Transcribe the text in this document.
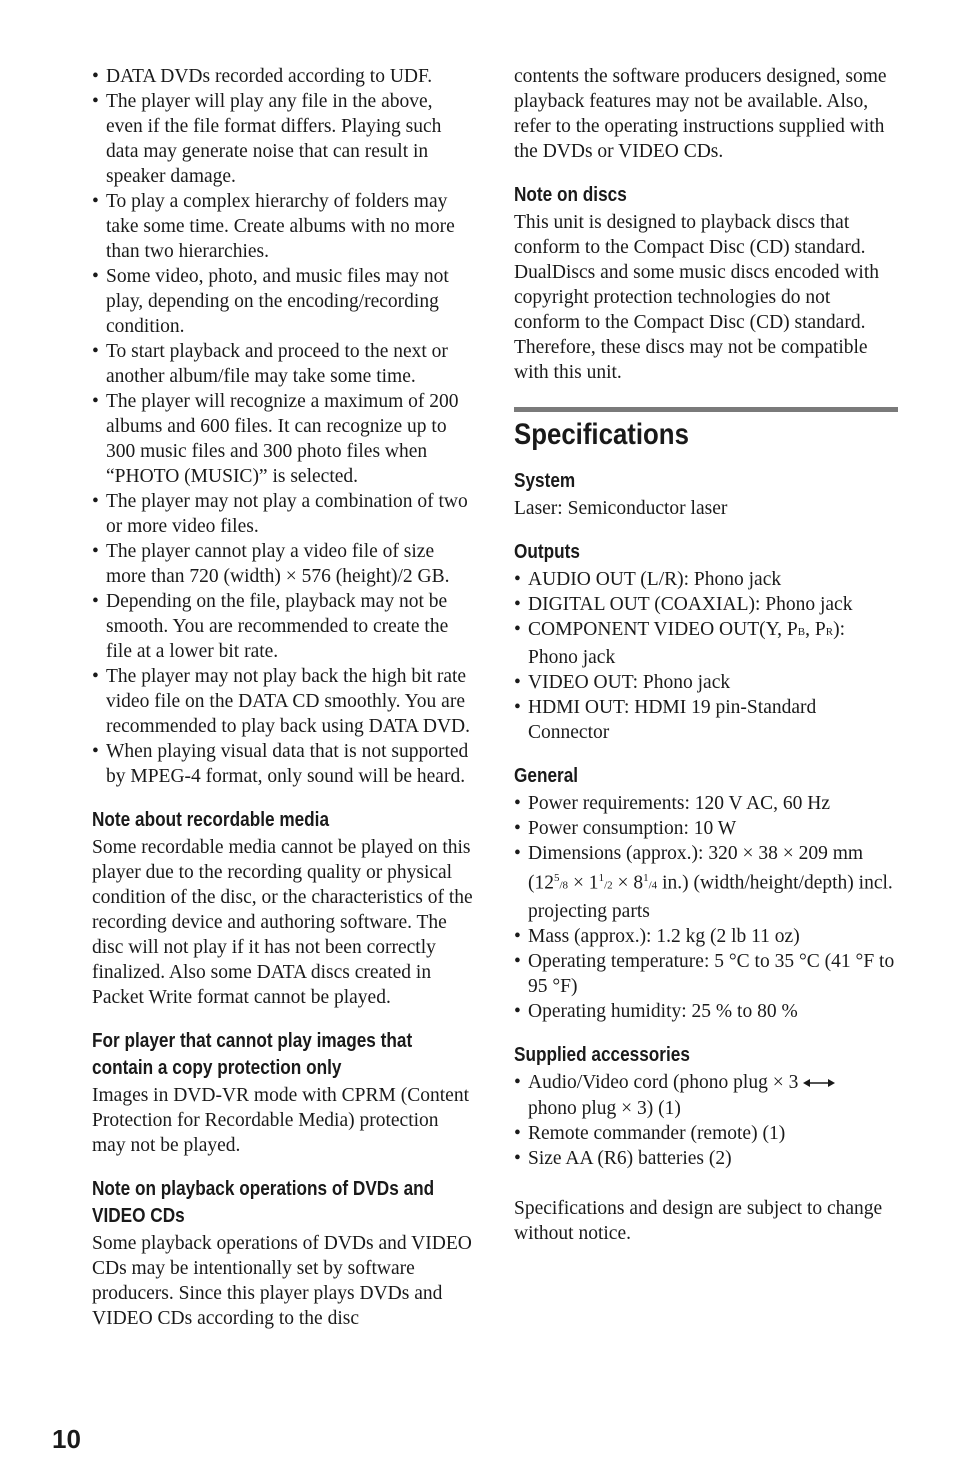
• DATA DVDs recorded according to UDF.
• The player will play any file in the above, even if the file format differs. Playing such data may generate noise that can result in speaker damage.
• To play a complex hierarchy of folders may take some time. Create albums with no more than two hierarchies.
• Some video, photo, and music files may not play, depending on the encoding/recording condition.
• To start playback and proceed to the next or another album/file may take some time.
• The player will recognize a maximum of 200 albums and 600 files. It can recognize up to 300 music files and 300 photo files when “PHOTO (MUSIC)” is selected.
• The player may not play a combination of two or more video files.
• The player cannot play a video file of size more than 720 (width) × 576 (height)/2 GB.
• Depending on the file, playback may not be smooth. You are recommended to create the file at a lower bit rate.
• The player may not play back the high bit rate video file on the DATA CD smoothly. You are recommended to play back using DATA DVD.
• When playing visual data that is not supported by MPEG-4 format, only sound will be heard.
Note about recordable media

Some recordable media cannot be played on this player due to the recording quality or physical condition of the disc, or the characteristics of the recording device and authoring software. The disc will not play if it has not been correctly finalized. Also some DATA discs created in Packet Write format cannot be played.

For player that cannot play images that contain a copy protection only

Images in DVD-VR mode with CPRM (Content Protection for Recordable Media) protection may not be played.

Note on playback operations of DVDs and VIDEO CDs

Some playback operations of DVDs and VIDEO CDs may be intentionally set by software producers. Since this player plays DVDs and VIDEO CDs according to the disc

contents the software producers designed, some playback features may not be available. Also, refer to the operating instructions supplied with the DVDs or VIDEO CDs.

Note on discs

This unit is designed to playback discs that conform to the Compact Disc (CD) standard. DualDiscs and some music discs encoded with copyright protection technologies do not conform to the Compact Disc (CD) standard. Therefore, these discs may not be compatible with this unit.

Specifications
System

Laser: Semiconductor laser

Outputs
• AUDIO OUT (L/R): Phono jack
• DIGITAL OUT (COAXIAL): Phono jack
• COMPONENT VIDEO OUT(Y, PB, PR): Phono jack
• VIDEO OUT: Phono jack
• HDMI OUT: HDMI 19 pin-Standard Connector
General
• Power requirements: 120 V AC, 60 Hz
• Power consumption: 10 W
• Dimensions (approx.): 320 × 38 × 209 mm ($12^5/8 \times 1^1/2 \times 8^1/4$ in.) (width/height/depth) incl. projecting parts
• Mass (approx.): 1.2 kg (2 lb 11 oz)
• Operating temperature: 5 °C to 35 °C (41 °F to 95 °F)
• Operating humidity: 25 % to 80 %
Supplied accessories
• Audio/Video cord (phono plug × 3
phono plug × 3) (1)
• Remote commander (remote) (1)
• Size AA (R6) batteries (2)

Specifications and design are subject to change without notice.

10
